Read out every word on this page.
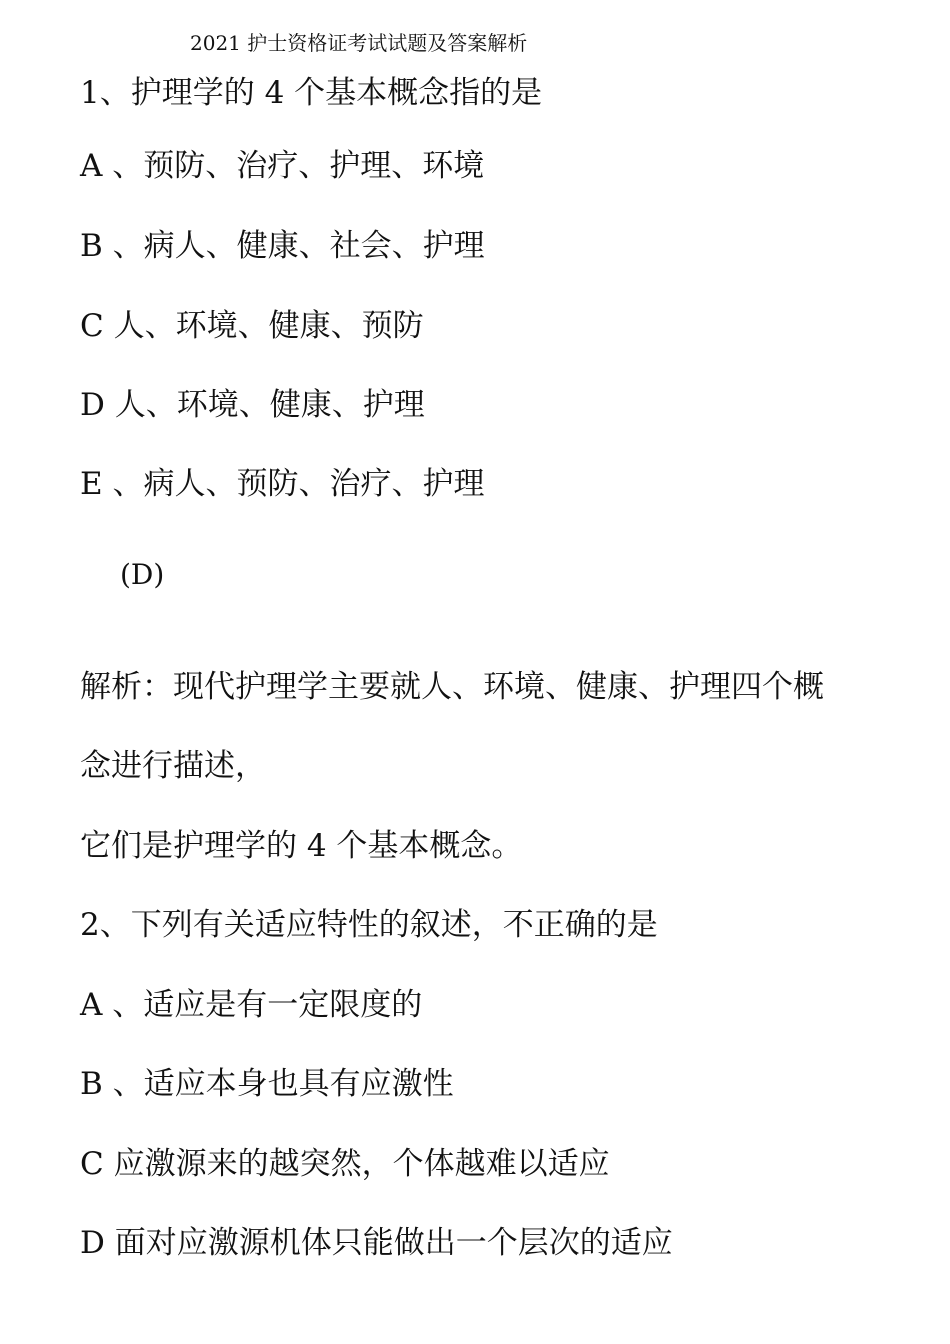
2021 护士资格证考试试题及答案解析
1、护理学的 4 个基本概念指的是
A 、预防、治疗、护理、环境
B 、病人、健康、社会、护理
C 人、环境、健康、预防
D 人、环境、健康、护理
E 、病人、预防、治疗、护理
(D)
解析：现代护理学主要就人、环境、健康、护理四个概
念进行描述，
它们是护理学的 4 个基本概念。
2、下列有关适应特性的叙述，不正确的是
A 、适应是有一定限度的
B 、适应本身也具有应激性
C 应激源来的越突然，个体越难以适应
D 面对应激源机体只能做出一个层次的适应
